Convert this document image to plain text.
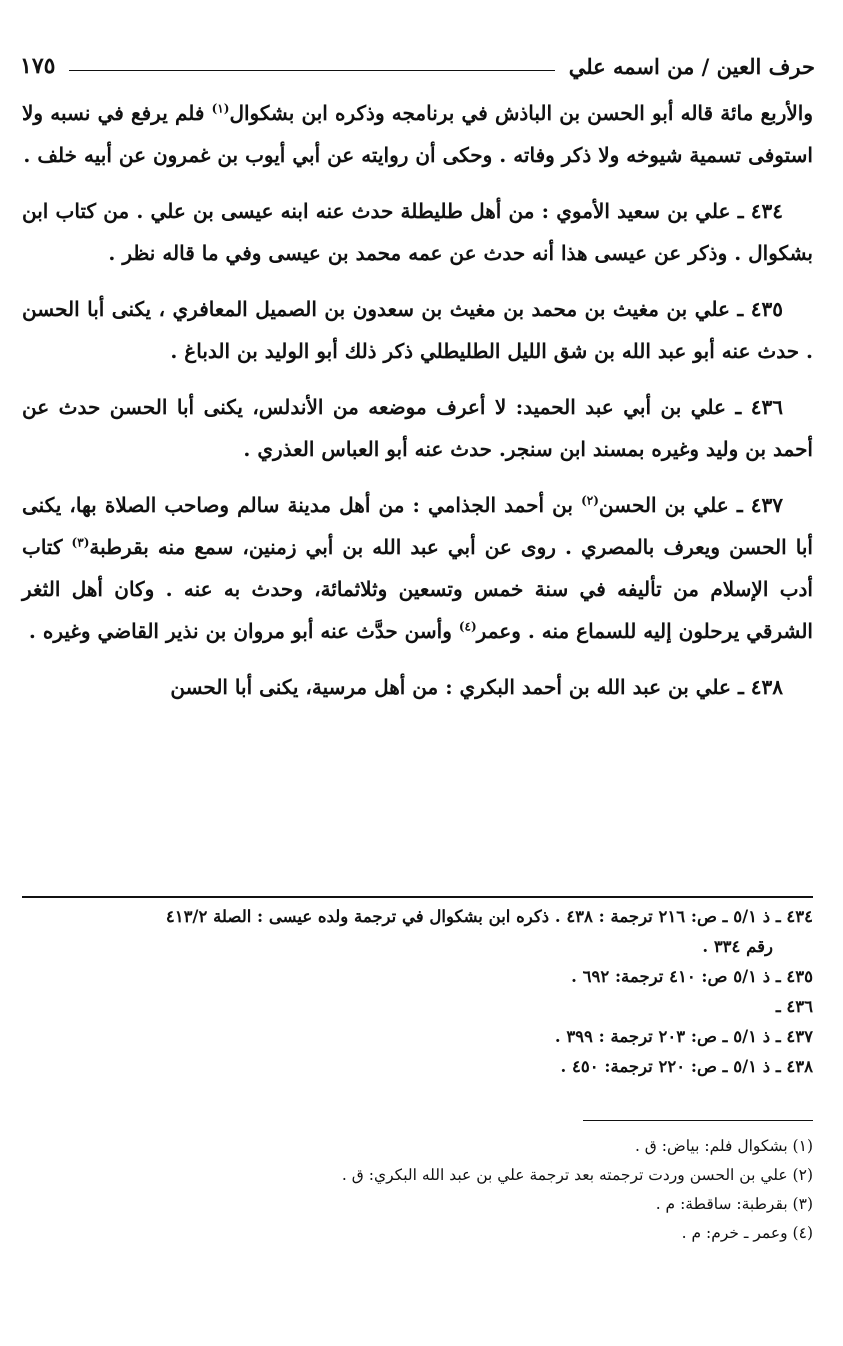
حرف العين / من اسمه علي
١٧٥

والأربع مائة قاله أبو الحسن بن الباذش في برنامجه وذكره ابن بشكوال$^{(١)}$ فلم يرفع في نسبه ولا استوفى تسمية شيوخه ولا ذكر وفاته . وحكى أن روايته عن أبي أيوب بن غمرون عن أبيه خلف .

٤٣٤ ـ علي بن سعيد الأموي : من أهل طليطلة حدث عنه ابنه عيسى بن علي . من كتاب ابن بشكوال . وذكر عن عيسى هذا أنه حدث عن عمه محمد بن عيسى وفي ما قاله نظر .

٤٣٥ ـ علي بن مغيث بن محمد بن مغيث بن سعدون بن الصميل المعافري ، يكنى أبا الحسن . حدث عنه أبو عبد الله بن شق الليل الطليطلي ذكر ذلك أبو الوليد بن الدباغ .

٤٣٦ ـ علي بن أبي عبد الحميد: لا أعرف موضعه من الأندلس، يكنى أبا الحسن حدث عن أحمد بن وليد وغيره بمسند ابن سنجر. حدث عنه أبو العباس العذري .

٤٣٧ ـ علي بن الحسن$^{(٢)}$ بن أحمد الجذامي : من أهل مدينة سالم وصاحب الصلاة بها، يكنى أبا الحسن ويعرف بالمصري . روى عن أبي عبد الله بن أبي زمنين، سمع منه بقرطبة$^{(٣)}$ كتاب أدب الإسلام من تأليفه في سنة خمس وتسعين وثلاثمائة، وحدث به عنه . وكان أهل الثغر الشرقي يرحلون إليه للسماع منه . وعمر$^{(٤)}$ وأسن حدَّث عنه أبو مروان بن نذير القاضي وغيره .

٤٣٨ ـ علي بن عبد الله بن أحمد البكري : من أهل مرسية، يكنى أبا الحسن

٤٣٤ ـ ذ ٥/١ ـ ص: ٢١٦ ترجمة : ٤٣٨ . ذكره ابن بشكوال في ترجمة ولده عيسى : الصلة ٤١٣/٢
رقم ٣٣٤ .
٤٣٥ ـ ذ ٥/١ ص: ٤١٠ ترجمة: ٦٩٢ .
٤٣٦ ـ
٤٣٧ ـ ذ ٥/١ ـ ص: ٢٠٣ ترجمة : ٣٩٩ .
٤٣٨ ـ ذ ٥/١ ـ ص: ٢٢٠ ترجمة: ٤٥٠ .
(١) بشكوال فلم: بياض: ق .
(٢) علي بن الحسن وردت ترجمته بعد ترجمة علي بن عبد الله البكري: ق .
(٣) بقرطبة: ساقطة: م .
(٤) وعمر ـ خرم: م .
